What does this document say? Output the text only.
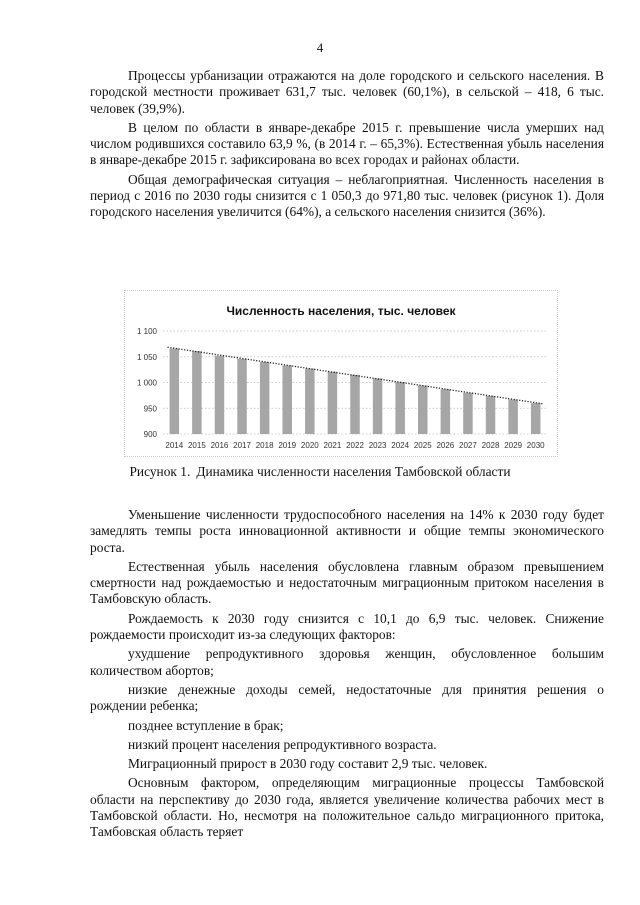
4

Процессы урбанизации отражаются на доле городского и сельского населения. В городской местности проживает 631,7 тыс. человек (60,1%), в сельской – 418, 6 тыс. человек (39,9%).

В целом по области в январе-декабре 2015 г. превышение числа умерших над числом родившихся составило 63,9 %, (в 2014 г. – 65,3%). Естественная убыль населения в январе-декабре 2015 г. зафиксирована во всех городах и районах области.

Общая демографическая ситуация – неблагоприятная. Численность населения в период с 2016 по 2030 годы снизится с 1 050,3 до 971,80 тыс. человек (рисунок 1). Доля городского населения увеличится (64%), а сельского населения снизится (36%).

Численность населения, тыс. человек
900
950
1 000
1 050
1 100
2014 2015 2016 2017 2018 2019 2020 2021 2022 2023 2024 2025 2026 2027 2028 2029 2030
Рисунок 1. Динамика численности населения Тамбовской области

Уменьшение численности трудоспособного населения на 14% к 2030 году будет замедлять темпы роста инновационной активности и общие темпы экономического роста.

Естественная убыль населения обусловлена главным образом превышением смертности над рождаемостью и недостаточным миграционным притоком населения в Тамбовскую область.

Рождаемость к 2030 году снизится с 10,1 до 6,9 тыс. человек. Снижение рождаемости происходит из-за следующих факторов:

ухудшение репродуктивного здоровья женщин, обусловленное большим количеством абортов;

низкие денежные доходы семей, недостаточные для принятия решения о рождении ребенка;

позднее вступление в брак;

низкий процент населения репродуктивного возраста.

Миграционный прирост в 2030 году составит 2,9 тыс. человек.

Основным фактором, определяющим миграционные процессы Тамбовской области на перспективу до 2030 года, является увеличение количества рабочих мест в Тамбовской области. Но, несмотря на положительное сальдо миграционного притока, Тамбовская область теряет
